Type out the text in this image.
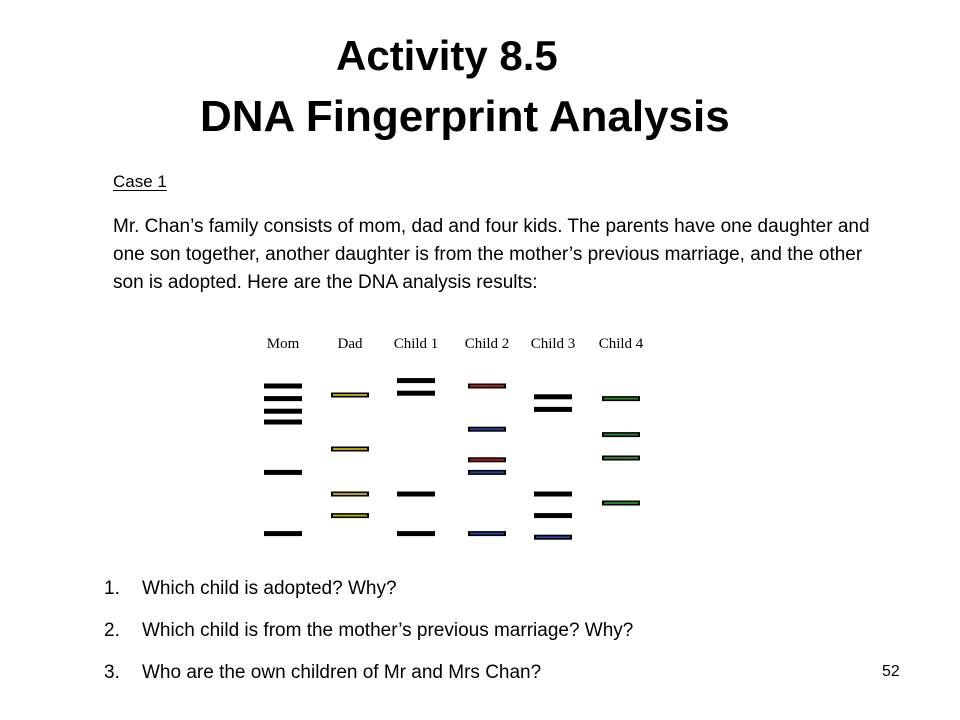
Activity 8.5
DNA Fingerprint Analysis
Case 1

Mr. Chan’s family consists of mom, dad and four kids. The parents have one daughter and one son together, another daughter is from the mother’s previous marriage, and the other son is adopted. Here are the DNA analysis results:

Mom	Dad Child 1 Child 2 Child 3 Child 4
1. Which child is adopted? Why?
2. Which child is from the mother’s previous marriage? Why?
3. Who are the own children of Mr and Mrs Chan?	52
